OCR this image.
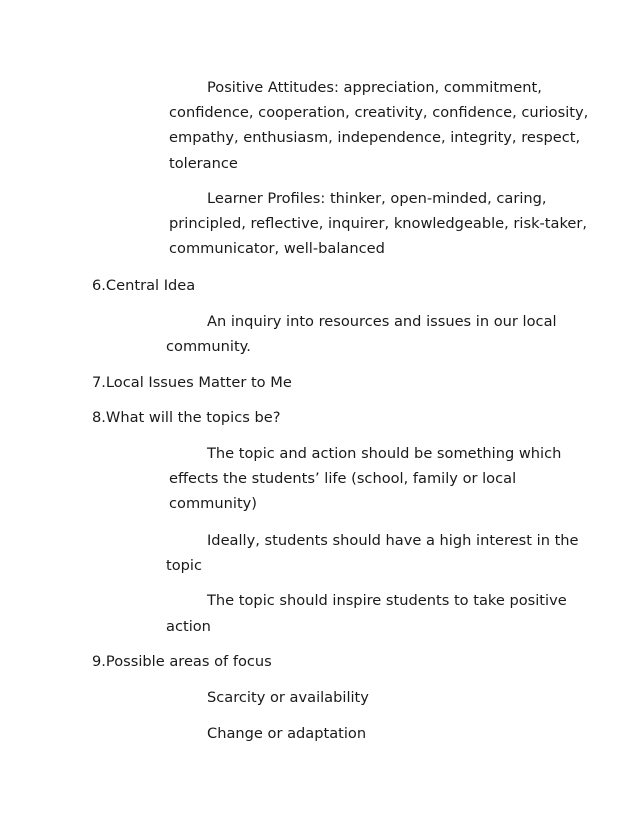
Positive Attitudes: appreciation, commitment,
confidence, cooperation, creativity, confidence, curiosity,
empathy, enthusiasm, independence, integrity, respect,
tolerance
Learner Profiles: thinker, open-minded, caring,
principled, reflective, inquirer, knowledgeable, risk-taker,
communicator, well-balanced
6.Central Idea
An inquiry into resources and issues in our local
community.
7.Local Issues Matter to Me
8.What will the topics be?
The topic and action should be something which
effects the students’ life (school, family or local
community)
Ideally, students should have a high interest in the
topic
The topic should inspire students to take positive
action
9.Possible areas of focus
Scarcity or availability
Change or adaptation
